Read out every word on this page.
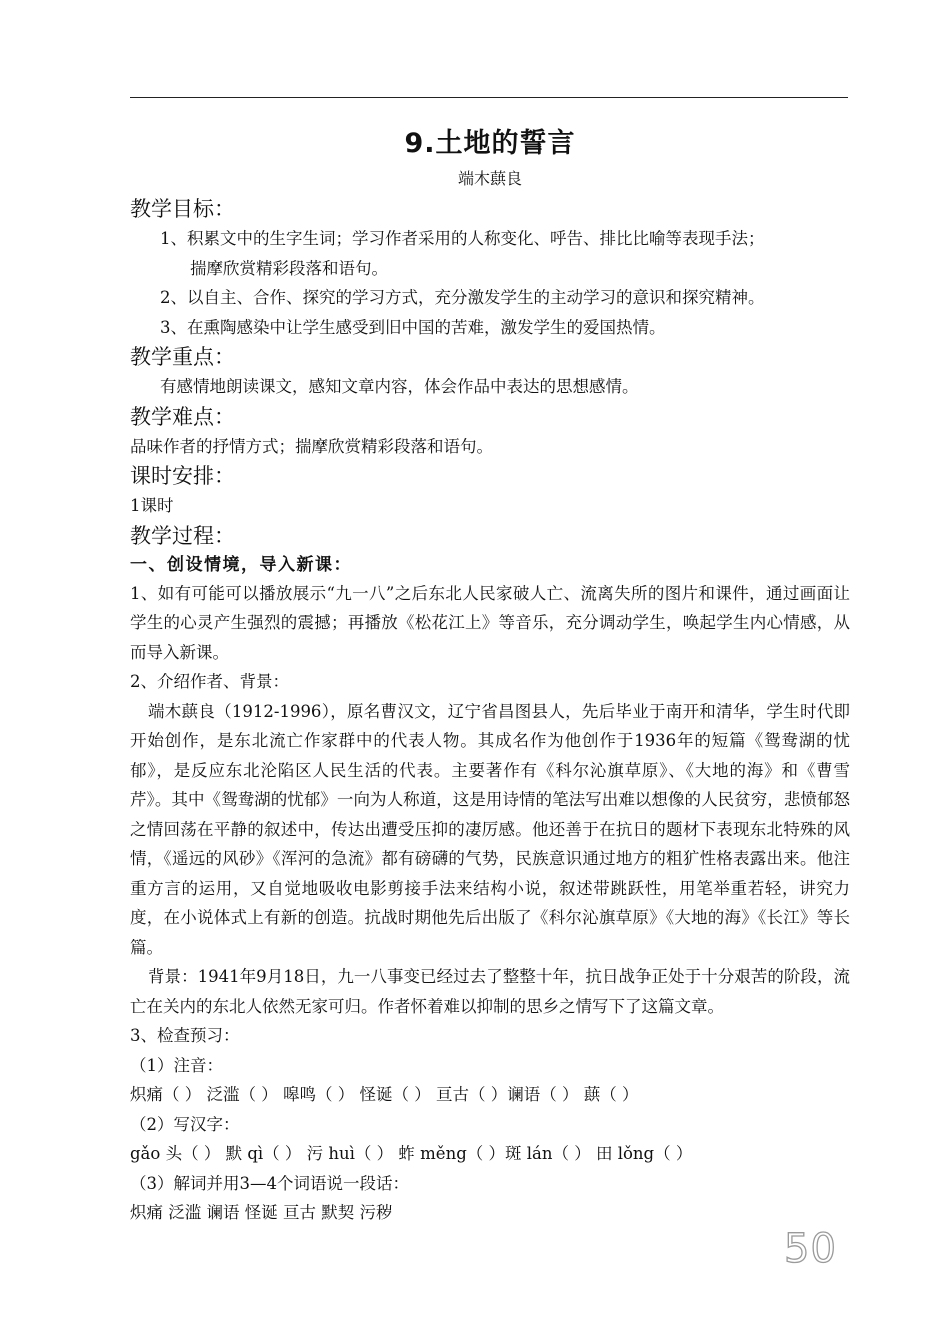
9.土地的誓言

端木蕻良

教学目标：

1、积累文中的生字生词；学习作者采用的人称变化、呼告、排比比喻等表现手法；

揣摩欣赏精彩段落和语句。

2、以自主、合作、探究的学习方式，充分激发学生的主动学习的意识和探究精神。

3、在熏陶感染中让学生感受到旧中国的苦难，激发学生的爱国热情。

教学重点：

有感情地朗读课文，感知文章内容，体会作品中表达的思想感情。

教学难点：

品味作者的抒情方式；揣摩欣赏精彩段落和语句。

课时安排：

1课时

教学过程：

一、创设情境，导入新课：

1、如有可能可以播放展示“九一八”之后东北人民家破人亡、流离失所的图片和课件，通过画面让学生的心灵产生强烈的震撼；再播放《松花江上》等音乐，充分调动学生，唤起学生内心情感，从而导入新课。

2、介绍作者、背景：

端木蕻良（1912-1996），原名曹汉文，辽宁省昌图县人，先后毕业于南开和清华，学生时代即开始创作，是东北流亡作家群中的代表人物。其成名作为他创作于1936年的短篇《鸳鸯湖的忧郁》，是反应东北沦陷区人民生活的代表。主要著作有《科尔沁旗草原》、《大地的海》和《曹雪芹》。其中《鸳鸯湖的忧郁》一向为人称道，这是用诗情的笔法写出难以想像的人民贫穷，悲愤郁怒之情回荡在平静的叙述中，传达出遭受压抑的凄厉感。他还善于在抗日的题材下表现东北特殊的风情，《遥远的风砂》《浑河的急流》都有磅礴的气势，民族意识通过地方的粗犷性格表露出来。他注重方言的运用，又自觉地吸收电影剪接手法来结构小说，叙述带跳跃性，用笔举重若轻，讲究力度，在小说体式上有新的创造。抗战时期他先后出版了《科尔沁旗草原》《大地的海》《长江》等长篇。

背景：1941年9月18日，九一八事变已经过去了整整十年，抗日战争正处于十分艰苦的阶段，流亡在关内的东北人依然无家可归。作者怀着难以抑制的思乡之情写下了这篇文章。

3、检查预习：

（1）注音：

炽痛（ ） 泛滥（ ） 嗥鸣（ ） 怪诞（ ） 亘古（ ）谰语（ ） 蕻（ ）

（2）写汉字：

gǎo 头（ ） 默 qì（ ） 污 huì（ ） 蚱 měng（ ）斑 lán（ ） 田 lǒng（ ）

（3）解词并用3—4个词语说一段话：

炽痛 泛滥 谰语 怪诞 亘古 默契 污秽

50
